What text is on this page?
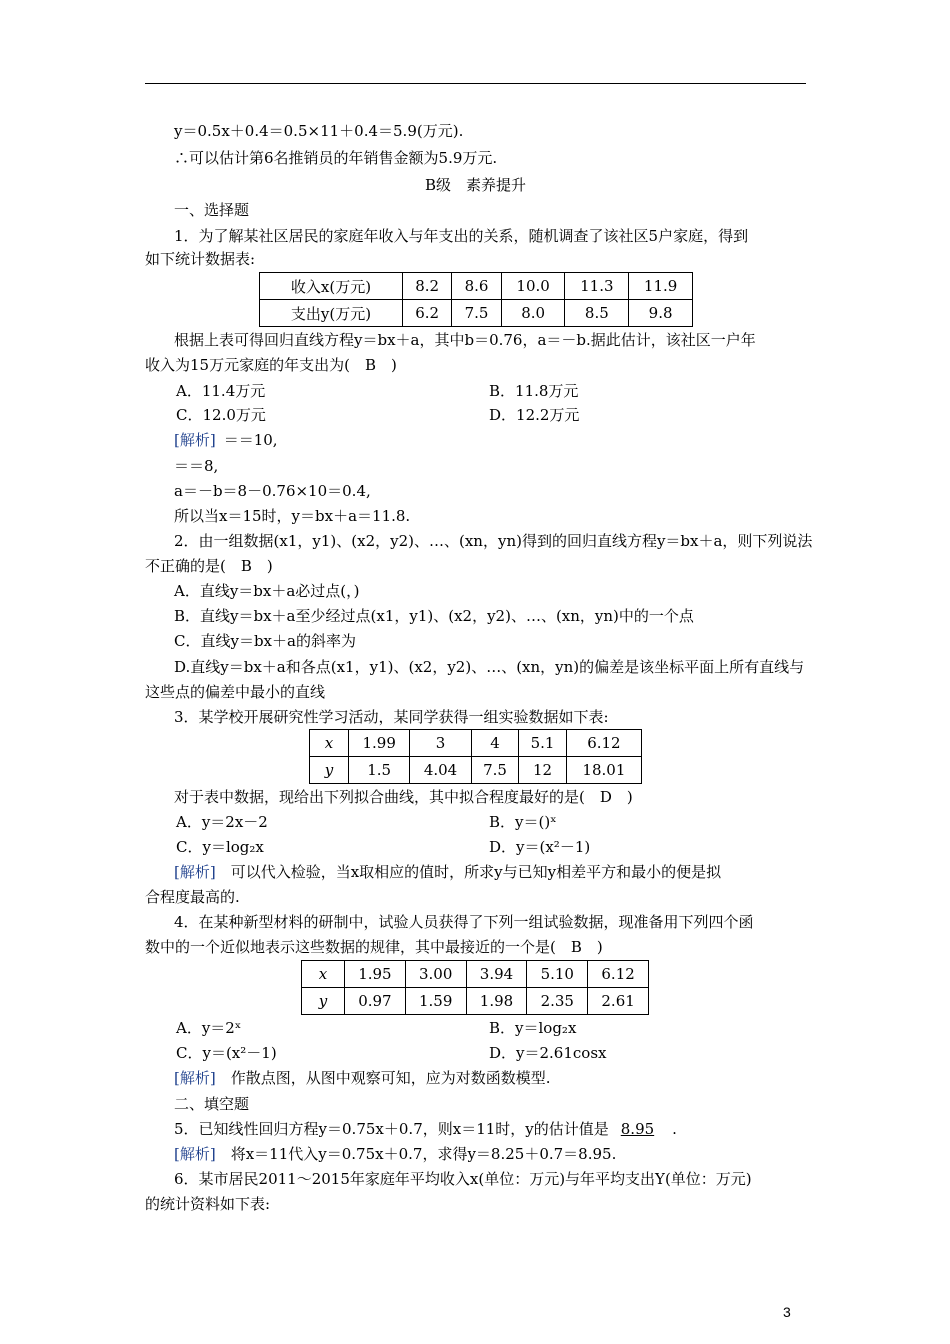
y＝0.5x＋0.4＝0.5×11＋0.4＝5.9(万元).
∴可以估计第6名推销员的年销售金额为5.9万元.
B级　素养提升
一、选择题
1．为了解某社区居民的家庭年收入与年支出的关系，随机调查了该社区5户家庭，得到
如下统计数据表:
收入x(万元)	8.2	8.6	10.0	11.3	11.9
支出y(万元)	6.2	7.5	8.0	8.5	9.8
根据上表可得回归直线方程y＝bx＋a，其中b＝0.76，a＝－b.据此估计，该社区一户年
收入为15万元家庭的年支出为(　B　)
A．11.4万元	B．11.8万元
C．12.0万元	D．12.2万元
[解析] ＝＝10,
＝＝8,
a＝－b＝8－0.76×10＝0.4,
所以当x＝15时，y＝bx＋a＝11.8.
2．由一组数据(x1，y1)、(x2，y2)、…、(xn，yn)得到的回归直线方程y＝bx＋a，则下列说法
不正确的是(　B　)
A．直线y＝bx＋a必过点(，)
B．直线y＝bx＋a至少经过点(x1，y1)、(x2，y2)、…、(xn，yn)中的一个点
C．直线y＝bx＋a的斜率为
D.直线y＝bx＋a和各点(x1，y1)、(x2，y2)、…、(xn，yn)的偏差是该坐标平面上所有直线与
这些点的偏差中最小的直线
3．某学校开展研究性学习活动，某同学获得一组实验数据如下表:
x	1.99	3	4	5.1	6.12
y	1.5	4.04	7.5	12	18.01
对于表中数据，现给出下列拟合曲线，其中拟合程度最好的是(　D　)
A．y＝2x－2	B．y＝()ˣ
C．y＝log₂x	D．y＝(x²－1)
[解析]　可以代入检验，当x取相应的值时，所求y与已知y相差平方和最小的便是拟
合程度最高的.
4．在某种新型材料的研制中，试验人员获得了下列一组试验数据，现准备用下列四个函
数中的一个近似地表示这些数据的规律，其中最接近的一个是(　B　)
x	1.95	3.00	3.94	5.10	6.12
y	0.97	1.59	1.98	2.35	2.61
A．y＝2ˣ	B．y＝log₂x
C．y＝(x²－1)	D．y＝2.61cosx
[解析]　作散点图，从图中观察可知，应为对数函数模型.
二、填空题
5．已知线性回归方程y＝0.75x＋0.7，则x＝11时，y的估计值是 8.95 .
[解析]　将x＝11代入y＝0.75x＋0.7，求得y＝8.25＋0.7＝8.95.
6．某市居民2011～2015年家庭年平均收入x(单位：万元)与年平均支出Y(单位：万元)
的统计资料如下表:
3
